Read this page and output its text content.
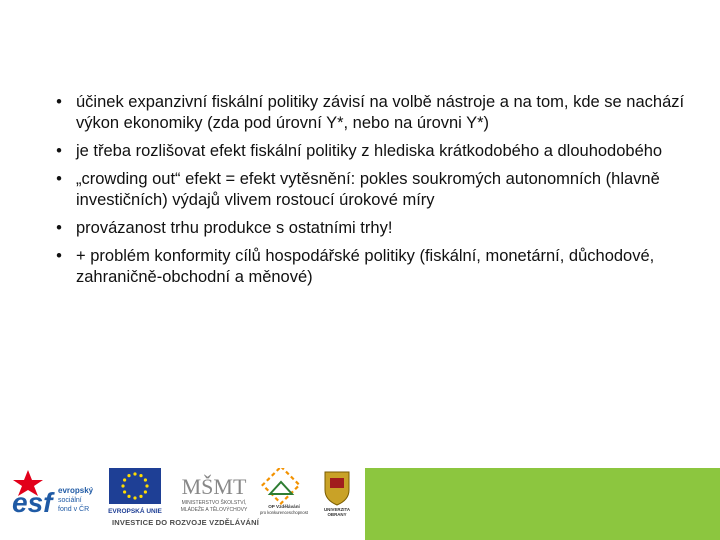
• účinek expanzivní fiskální politiky závisí na volbě nástroje a na tom, kde se nachází výkon ekonomiky (zda pod úrovní Y*, nebo na úrovni Y*)
• je třeba rozlišovat efekt fiskální politiky z hlediska krátkodobého a dlouhodobého
• „crowding out“ efekt = efekt vytěsnění: pokles soukromých autonomních (hlavně investičních) výdajů vlivem rostoucí úrokové míry
• provázanost trhu produkce s ostatními trhy!
• + problém konformity cílů hospodářské politiky (fiskální, monetární, důchodové, zahraničně-obchodní a měnové)
esf evropský
sociální
fond v ČR	EVROPSKÁ UNIE
MŠMT
MINISTERSTVO ŠKOLSTVÍ,
MLÁDEŽE A TĚLOVÝCHOVY
OP Vzdělávání
pro konkurenceschopnost
UNIVERZITA
OBRANY
INVESTICE DO ROZVOJE VZDĚLÁVÁNÍ
